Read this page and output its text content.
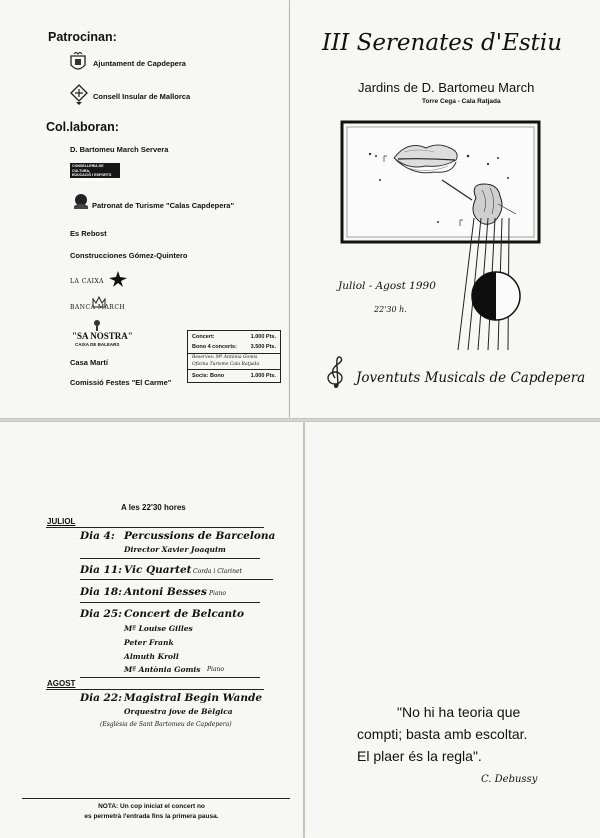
Patrocinan:
Ajuntament de Capdepera
Consell Insular de Mallorca
Col.laboran:
D. Bartomeu March Servera
CONSELLERIA DE CULTURA,
EDUCACIÓ I ESPORTS
GOVERN BALEAR
Patronat de Turisme "Calas Capdepera"
Es Rebost
Construcciones Gómez-Quintero
LA CAIXA
BANCA MARCH
"SA NOSTRA"
CAIXA DE BALEARS
Casa Martí
Comissió Festes "El Carme"
Concert:	1.000 Pts.
Bono 4 concerts: 3.500 Pts.
Reserves: Mª Antònia Gomis
Oficina Turisme Cala Ratjada
Socis: Bono	1.000 Pts.
III Serenates d'Estiu
Jardins de D. Bartomeu March
Torre Cega - Cala Ratjada
Juliol - Agost 1990
22'30 h.
Joventuts Musicals de Capdepera
A les 22'30 hores
JULIOL
Dia 4: Percussions de Barcelona
Director Xavier Joaquim
Dia 11: Vic Quartet Corda i Clarinet
Dia 18: Antoni Besses Piano
Dia 25: Concert de Belcanto
Mª Louise Gilles
Peter Frank
Almuth Kroll
Mª Antònia Gomis Piano
AGOST
Dia 22: Magistral Begin Wande
Orquestra jove de Bèlgica
(Església de Sant Bartomeu de Capdepera)
NOTA: Un cop iniciat el concert no
es permetrà l'entrada fins la primera pausa.
"No hi ha teoria que
compti; basta amb escoltar.
El plaer és la regla".
C. Debussy
